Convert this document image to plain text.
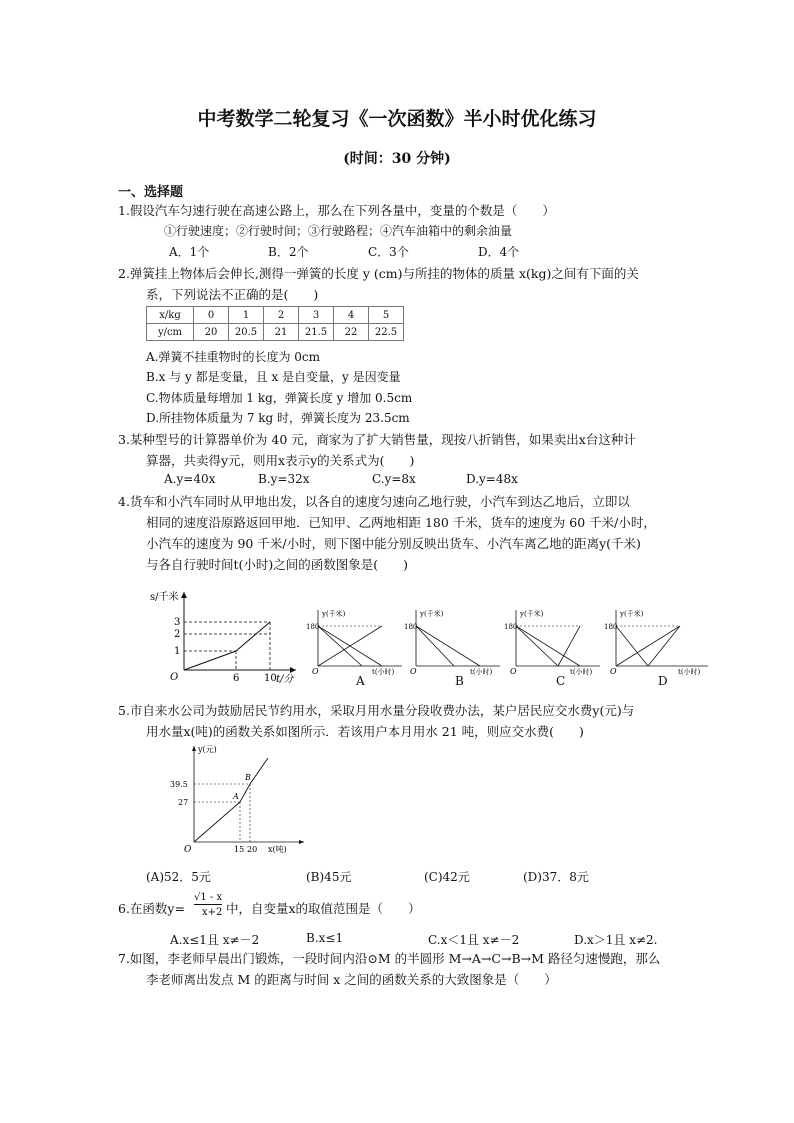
中考数学二轮复习《一次函数》半小时优化练习
(时间：30 分钟)
一、选择题
1.假设汽车匀速行驶在高速公路上，那么在下列各量中，变量的个数是（　　）
①行驶速度；②行驶时间；③行驶路程；④汽车油箱中的剩余油量
A．1个	B．2个	C．3个	D．4个
2.弹簧挂上物体后会伸长,测得一弹簧的长度 y (cm)与所挂的物体的质量 x(kg)之间有下面的关
系，下列说法不正确的是(　　)
x/kg	0	1	2	3	4	5
y/cm	20	20.5	21	21.5	22	22.5
A.弹簧不挂重物时的长度为 0cm
B.x 与 y 都是变量，且 x 是自变量，y 是因变量
C.物体质量每增加 1 kg，弹簧长度 y 增加 0.5cm
D.所挂物体质量为 7 kg 时，弹簧长度为 23.5cm
3.某种型号的计算器单价为 40 元，商家为了扩大销售量，现按八折销售，如果卖出x台这种计
算器，共卖得y元，则用x表示y的关系式为(　　)
A.y=40x	B.y=32x	C.y=8x	D.y=48x
4.货车和小汽车同时从甲地出发，以各自的速度匀速向乙地行驶，小汽车到达乙地后，立即以
相同的速度沿原路返回甲地．已知甲、乙两地相距 180 千米，货车的速度为 60 千米/小时，
小汽车的速度为 90 千米/小时，则下图中能分别反映出货车、小汽车离乙地的距离y(千米)
与各自行驶时间t(小时)之间的函数图象是(　　)
s/千米
t/分
O
1
2
3
6 10
y(千米)
180
t(小时)
O
y(千米)
180
t(小时)
O
y(千米)
180
t(小时)
O
y(千米)
180
t(小时)
O
A	B	C	D
5.市自来水公司为鼓励居民节约用水，采取月用水量分段收费办法，某户居民应交水费y(元)与
用水量x(吨)的函数关系如图所示．若该用户本月用水 21 吨，则应交水费(　　)
y(元)
x(吨)
O
27
39.5
15 20
A
B
(A)52．5元	(B)45元	(C)42元	(D)37．8元
6.在函数y=
√1 - x
x+2 中，自变量x的取值范围是（　　）
A.x≤1且 x≠－2	B.x≤1	C.x＜1且 x≠－2	D.x＞1且 x≠2.
7.如图，李老师早晨出门锻炼，一段时间内沿⊙M 的半圆形 M→A→C→B→M 路径匀速慢跑，那么
李老师离出发点 M 的距离与时间 x 之间的函数关系的大致图象是（　　）
